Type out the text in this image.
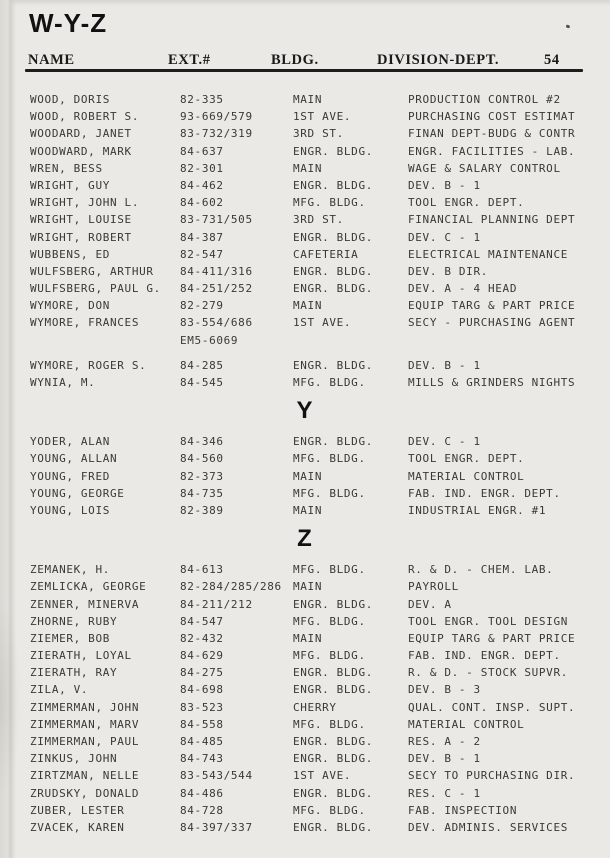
W-Y-Z
NAME	EXT.#	BLDG.	DIVISION-DEPT.	54
WOOD, DORIS	82-335	MAIN	PRODUCTION CONTROL #2
WOOD, ROBERT S.	93-669/579	1ST AVE.	PURCHASING COST ESTIMAT
WOODARD, JANET	83-732/319	3RD ST.	FINAN DEPT-BUDG & CONTR
WOODWARD, MARK	84-637	ENGR. BLDG.	ENGR. FACILITIES - LAB.
WREN, BESS	82-301	MAIN	WAGE & SALARY CONTROL
WRIGHT, GUY	84-462	ENGR. BLDG.	DEV. B - 1
WRIGHT, JOHN L.	84-602	MFG. BLDG.	TOOL ENGR. DEPT.
WRIGHT, LOUISE	83-731/505	3RD ST.	FINANCIAL PLANNING DEPT
WRIGHT, ROBERT	84-387	ENGR. BLDG.	DEV. C - 1
WUBBENS, ED	82-547	CAFETERIA	ELECTRICAL MAINTENANCE
WULFSBERG, ARTHUR 84-411/316	ENGR. BLDG.	DEV. B DIR.
WULFSBERG, PAUL G. 84-251/252	ENGR. BLDG.	DEV. A - 4 HEAD
WYMORE, DON	82-279	MAIN	EQUIP TARG & PART PRICE
WYMORE, FRANCES	83-554/686	1ST AVE.	SECY - PURCHASING AGENT
EM5-6069
WYMORE, ROGER S.	84-285	ENGR. BLDG.	DEV. B - 1
WYNIA, M.	84-545	MFG. BLDG.	MILLS & GRINDERS NIGHTS
Y
YODER, ALAN	84-346	ENGR. BLDG.	DEV. C - 1
YOUNG, ALLAN	84-560	MFG. BLDG.	TOOL ENGR. DEPT.
YOUNG, FRED	82-373	MAIN	MATERIAL CONTROL
YOUNG, GEORGE	84-735	MFG. BLDG.	FAB. IND. ENGR. DEPT.
YOUNG, LOIS	82-389	MAIN	INDUSTRIAL ENGR. #1
Z
ZEMANEK, H.	84-613	MFG. BLDG.	R. & D. - CHEM. LAB.
ZEMLICKA, GEORGE	82-284/285/286 MAIN	PAYROLL
ZENNER, MINERVA	84-211/212	ENGR. BLDG.	DEV. A
ZHORNE, RUBY	84-547	MFG. BLDG.	TOOL ENGR. TOOL DESIGN
ZIEMER, BOB	82-432	MAIN	EQUIP TARG & PART PRICE
ZIERATH, LOYAL	84-629	MFG. BLDG.	FAB. IND. ENGR. DEPT.
ZIERATH, RAY	84-275	ENGR. BLDG.	R. & D. - STOCK SUPVR.
ZILA, V.	84-698	ENGR. BLDG.	DEV. B - 3
ZIMMERMAN, JOHN	83-523	CHERRY	QUAL. CONT. INSP. SUPT.
ZIMMERMAN, MARV	84-558	MFG. BLDG.	MATERIAL CONTROL
ZIMMERMAN, PAUL	84-485	ENGR. BLDG.	RES. A - 2
ZINKUS, JOHN	84-743	ENGR. BLDG.	DEV. B - 1
ZIRTZMAN, NELLE	83-543/544	1ST AVE.	SECY TO PURCHASING DIR.
ZRUDSKY, DONALD	84-486	ENGR. BLDG.	RES. C - 1
ZUBER, LESTER	84-728	MFG. BLDG.	FAB. INSPECTION
ZVACEK, KAREN	84-397/337	ENGR. BLDG.	DEV. ADMINIS. SERVICES
